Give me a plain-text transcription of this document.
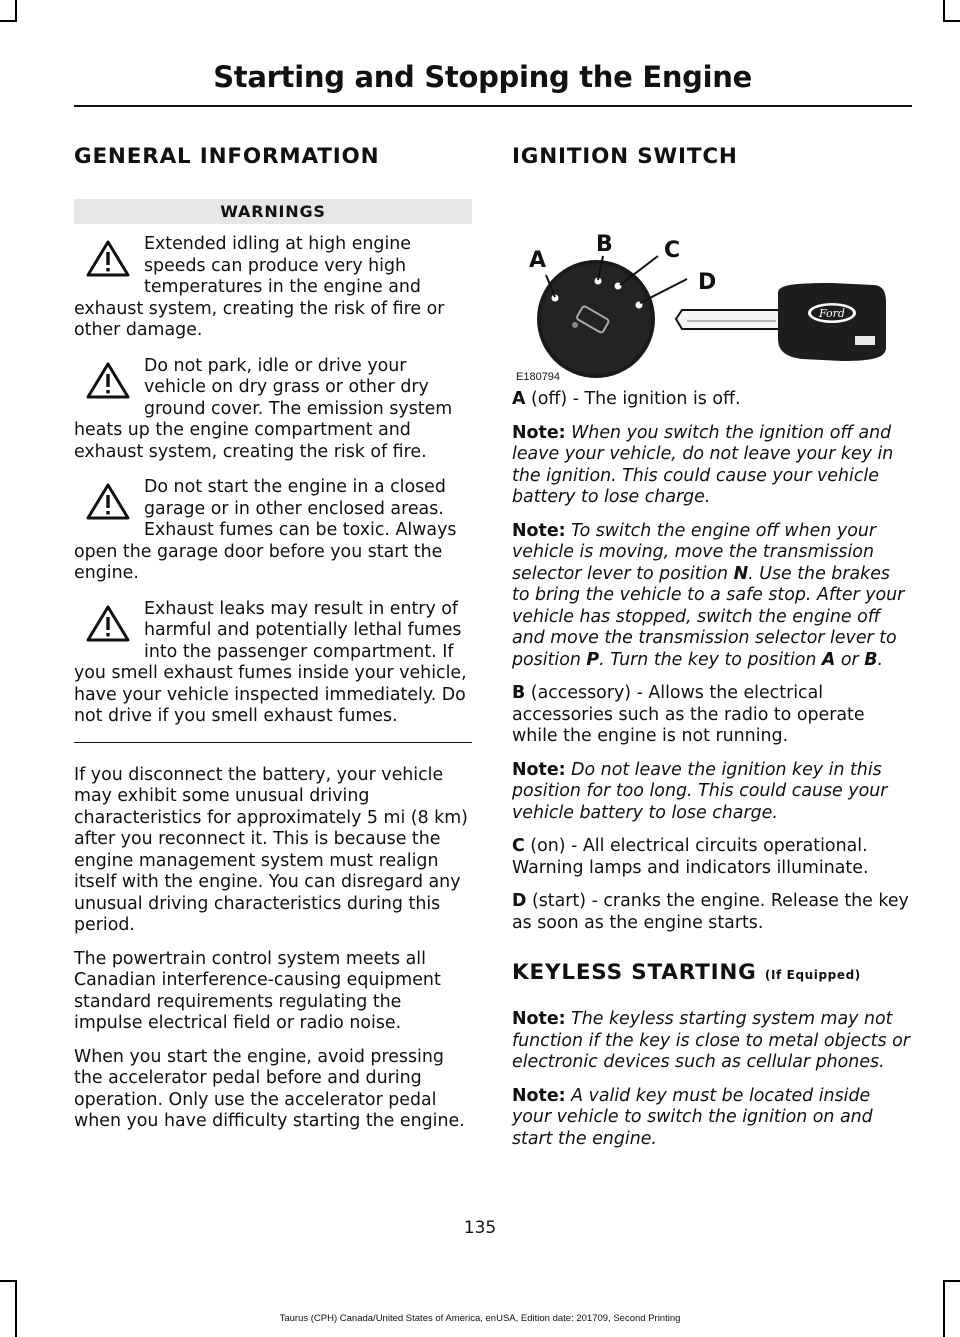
Starting and Stopping the Engine
GENERAL INFORMATION
WARNINGS
Extended idling at high engine speeds can produce very high temperatures in the engine and exhaust system, creating the risk of fire or other damage.
Do not park, idle or drive your vehicle on dry grass or other dry ground cover. The emission system heats up the engine compartment and exhaust system, creating the risk of fire.
Do not start the engine in a closed garage or in other enclosed areas. Exhaust fumes can be toxic. Always open the garage door before you start the engine.
Exhaust leaks may result in entry of harmful and potentially lethal fumes into the passenger compartment. If you smell exhaust fumes inside your vehicle, have your vehicle inspected immediately. Do not drive if you smell exhaust fumes.

If you disconnect the battery, your vehicle may exhibit some unusual driving characteristics for approximately 5 mi (8 km) after you reconnect it. This is because the engine management system must realign itself with the engine. You can disregard any unusual driving characteristics during this period.

The powertrain control system meets all Canadian interference-causing equipment standard requirements regulating the impulse electrical field or radio noise.

When you start the engine, avoid pressing the accelerator pedal before and during operation. Only use the accelerator pedal when you have difficulty starting the engine.

IGNITION SWITCH
Ford
A
B C
D
E180794

A (off) - The ignition is off.

Note: When you switch the ignition off and leave your vehicle, do not leave your key in the ignition. This could cause your vehicle battery to lose charge.

Note: To switch the engine off when your vehicle is moving, move the transmission selector lever to position N. Use the brakes to bring the vehicle to a safe stop. After your vehicle has stopped, switch the engine off and move the transmission selector lever to position P. Turn the key to position A or B.

B (accessory) - Allows the electrical accessories such as the radio to operate while the engine is not running.

Note: Do not leave the ignition key in this position for too long. This could cause your vehicle battery to lose charge.

C (on) - All electrical circuits operational. Warning lamps and indicators illuminate.

D (start) - cranks the engine. Release the key as soon as the engine starts.

KEYLESS STARTING (If Equipped)

Note: The keyless starting system may not function if the key is close to metal objects or electronic devices such as cellular phones.

Note: A valid key must be located inside your vehicle to switch the ignition on and start the engine.

135
Taurus (CPH) Canada/United States of America, enUSA, Edition date: 201709, Second Printing
